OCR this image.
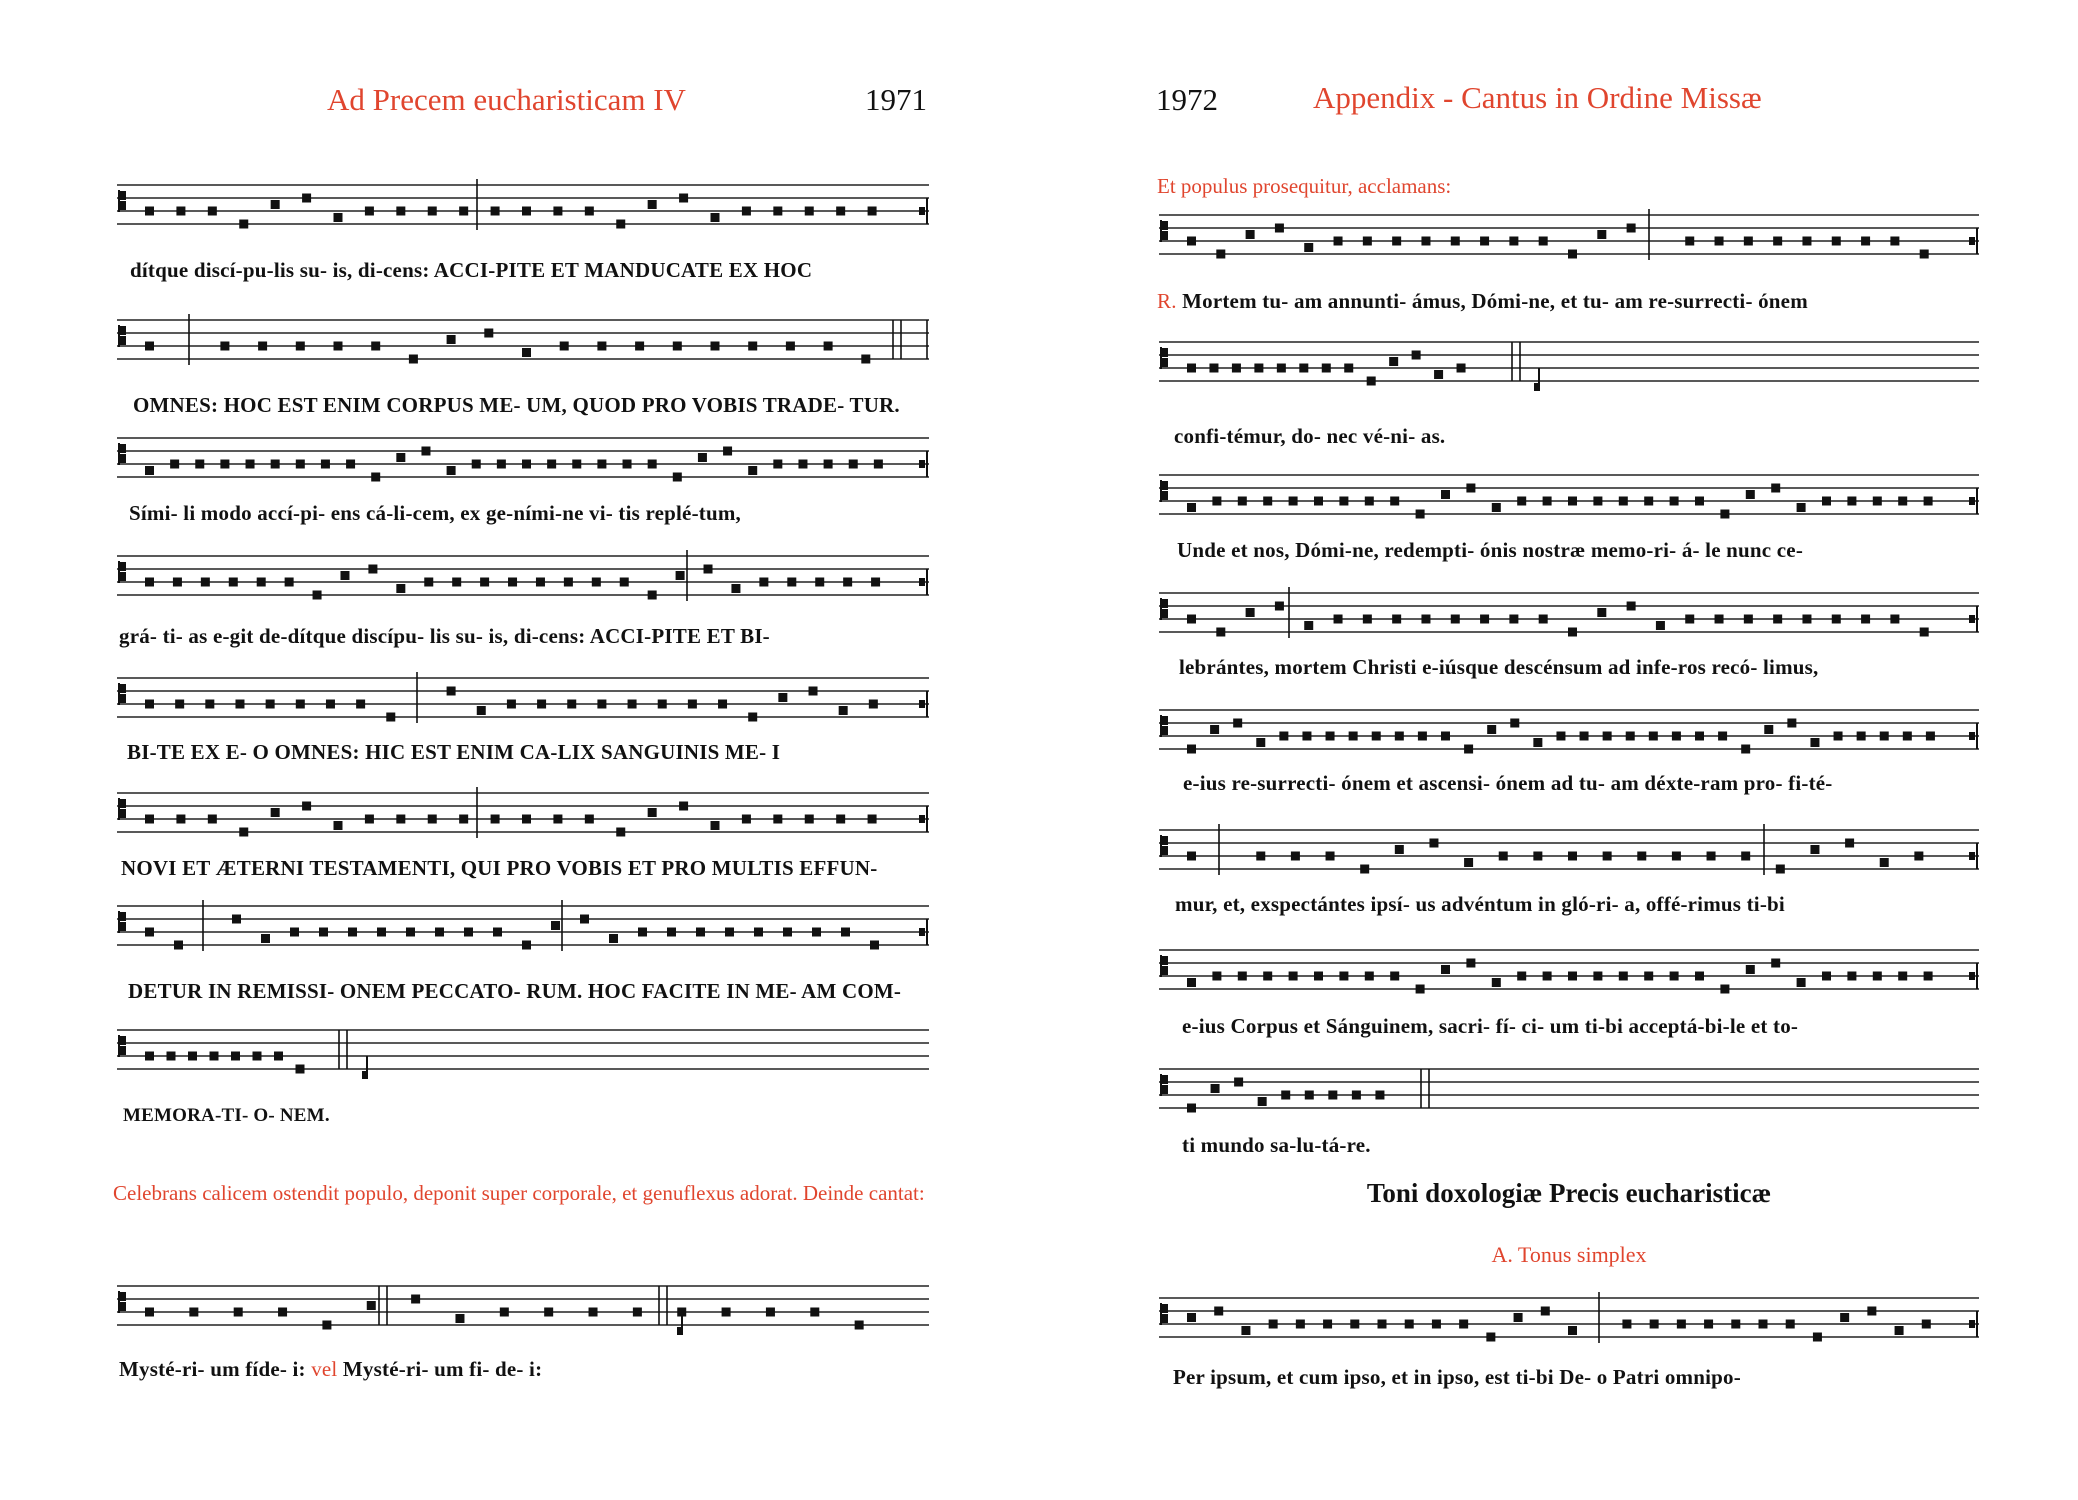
Ad Precem eucharisticam IV	1971
dítque discí-pu-lis su- is, di-cens: ACCI-PITE ET MANDUCATE EX HOC
OMNES: HOC EST ENIM CORPUS ME- UM, QUOD PRO VOBIS TRADE- TUR.
Sími- li modo accí-pi- ens cá-li-cem, ex ge-ními-ne vi- tis replé-tum,
grá- ti- as e-git de-dítque discípu- lis su- is, di-cens: ACCI-PITE ET BI-
BI-TE EX E- O OMNES: HIC EST ENIM CA-LIX SANGUINIS ME- I
NOVI ET ÆTERNI TESTAMENTI, QUI PRO VOBIS ET PRO MULTIS EFFUN-
DETUR IN REMISSI- ONEM PECCATO- RUM. HOC FACITE IN ME- AM COM-
MEMORA-TI- O- NEM.
Celebrans calicem ostendit populo, deponit super corporale, et genuflexus adorat. Deinde cantat:
Mysté-ri- um fíde- i: vel Mysté-ri- um fi- de- i:
1972	Appendix - Cantus in Ordine Missæ
Et populus prosequitur, acclamans:
R. Mortem tu- am annunti- ámus, Dómi-ne, et tu- am re-surrecti- ónem
confi-témur, do- nec vé-ni- as.
Unde et nos, Dómi-ne, redempti- ónis nostræ memo-ri- á- le nunc ce-
lebrántes, mortem Christi e-iúsque descénsum ad infe-ros recó- limus,
e-ius re-surrecti- ónem et ascensi- ónem ad tu- am déxte-ram pro- fi-té-
mur, et, exspectántes ipsí- us advéntum in gló-ri- a, offé-rimus ti-bi
e-ius Corpus et Sánguinem, sacri- fí- ci- um ti-bi acceptá-bi-le et to-
ti mundo sa-lu-tá-re.
Toni doxologiæ Precis eucharisticæ
A. Tonus simplex
Per ipsum, et cum ipso, et in ipso, est ti-bi De- o Patri omnipo-
